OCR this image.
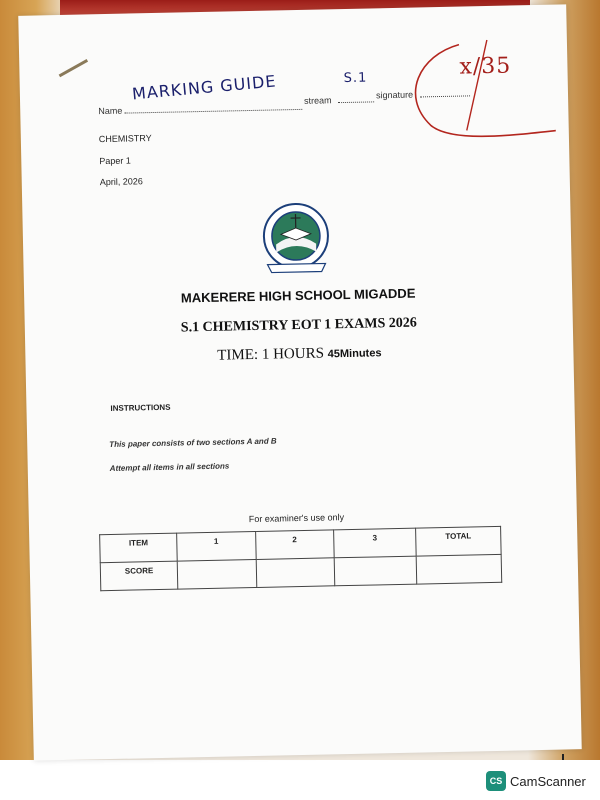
Name
MARKING GUIDE	stream
S.1
signature
x/35
CHEMISTRY
Paper 1
April, 2026
MAKERERE HIGH SCHOOL MIGADDE
S.1 CHEMISTRY EOT 1 EXAMS 2026
TIME: 1 HOURS 45Minutes
INSTRUCTIONS
This paper consists of two sections A and B
Attempt all items in all sections
For examiner's use only
ITEM	1	2	3	TOTAL
SCORE				
CS CamScanner
